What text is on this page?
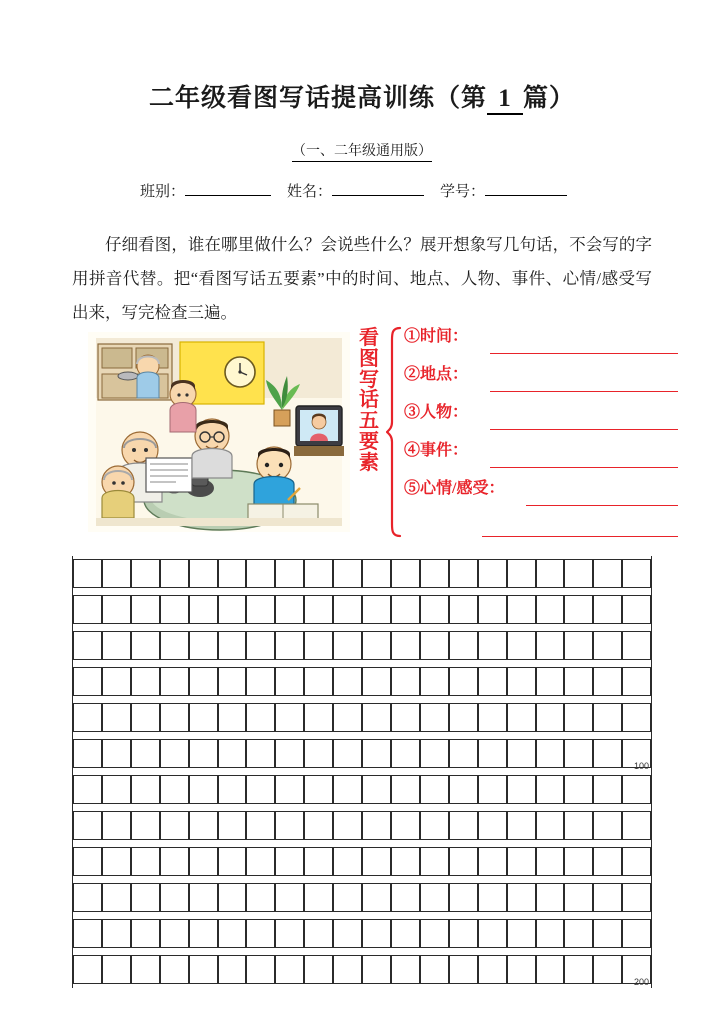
二年级看图写话提高训练（第 1 篇）
（一、二年级通用版）
班别：	姓名：	学号：
仔细看图，谁在哪里做什么？会说些什么？展开想象写几句话，不会写的字用拼音代替。把“看图写话五要素”中的时间、地点、人物、事件、心情/感受写出来，写完检查三遍。
看
图
写
话
五
要
素
①时间：
②地点：
③人物：
④事件：
⑤心情/感受：
100
200
